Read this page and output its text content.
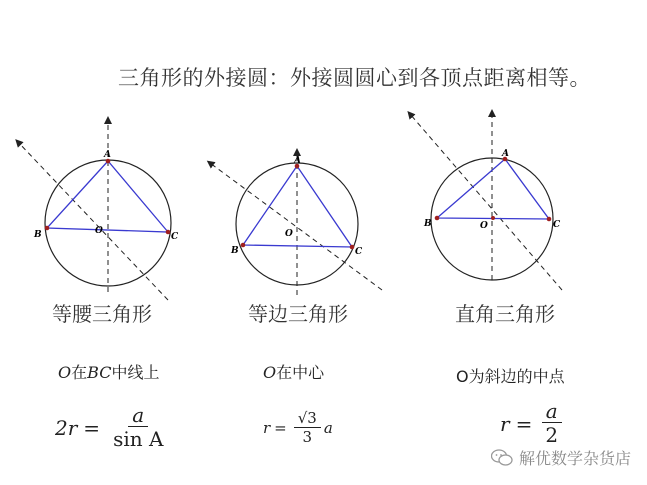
三角形的外接圆：外接圆圆心到各顶点距离相等。
A
B	C
O
A
B	C
O
A
B	C
O
等腰三角形	等边三角形	直角三角形
O在BC中线上	O在中心	O为斜边的中点
$2r = \frac{a}{\text{sin A}}$	$r = \frac{√3}{3}$ a	$r = \frac{a}{2}$
解优数学杂货店
